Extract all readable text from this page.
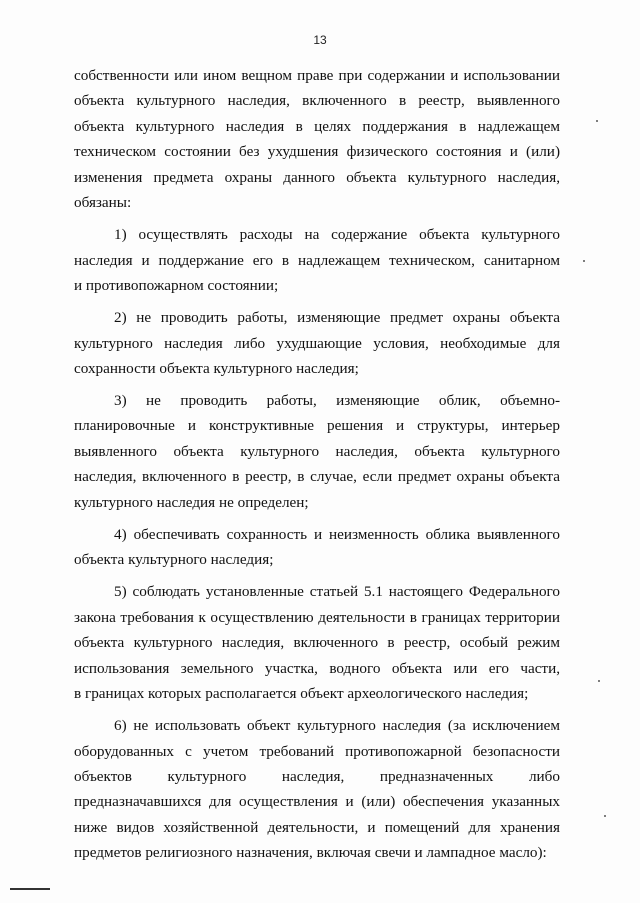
13
собственности или ином вещном праве при содержании и использовании
объекта культурного наследия, включенного в реестр, выявленного
объекта культурного наследия в целях поддержания в надлежащем
техническом состоянии без ухудшения физического состояния и (или)
изменения предмета охраны данного объекта культурного наследия,
обязаны:
1) осуществлять расходы на содержание объекта культурного
наследия и поддержание его в надлежащем техническом, санитарном
и противопожарном состоянии;
2) не проводить работы, изменяющие предмет охраны объекта
культурного наследия либо ухудшающие условия, необходимые для
сохранности объекта культурного наследия;
3) не проводить работы, изменяющие облик, объемно-
планировочные и конструктивные решения и структуры, интерьер
выявленного объекта культурного наследия, объекта культурного
наследия, включенного в реестр, в случае, если предмет охраны объекта
культурного наследия не определен;
4) обеспечивать сохранность и неизменность облика выявленного
объекта культурного наследия;
5) соблюдать установленные статьей 5.1 настоящего Федерального
закона требования к осуществлению деятельности в границах территории
объекта культурного наследия, включенного в реестр, особый режим
использования земельного участка, водного объекта или его части,
в границах которых располагается объект археологического наследия;
6) не использовать объект культурного наследия (за исключением
оборудованных с учетом требований противопожарной безопасности
объектов культурного наследия, предназначенных либо
предназначавшихся для осуществления и (или) обеспечения указанных
ниже видов хозяйственной деятельности, и помещений для хранения
предметов религиозного назначения, включая свечи и лампадное масло):
